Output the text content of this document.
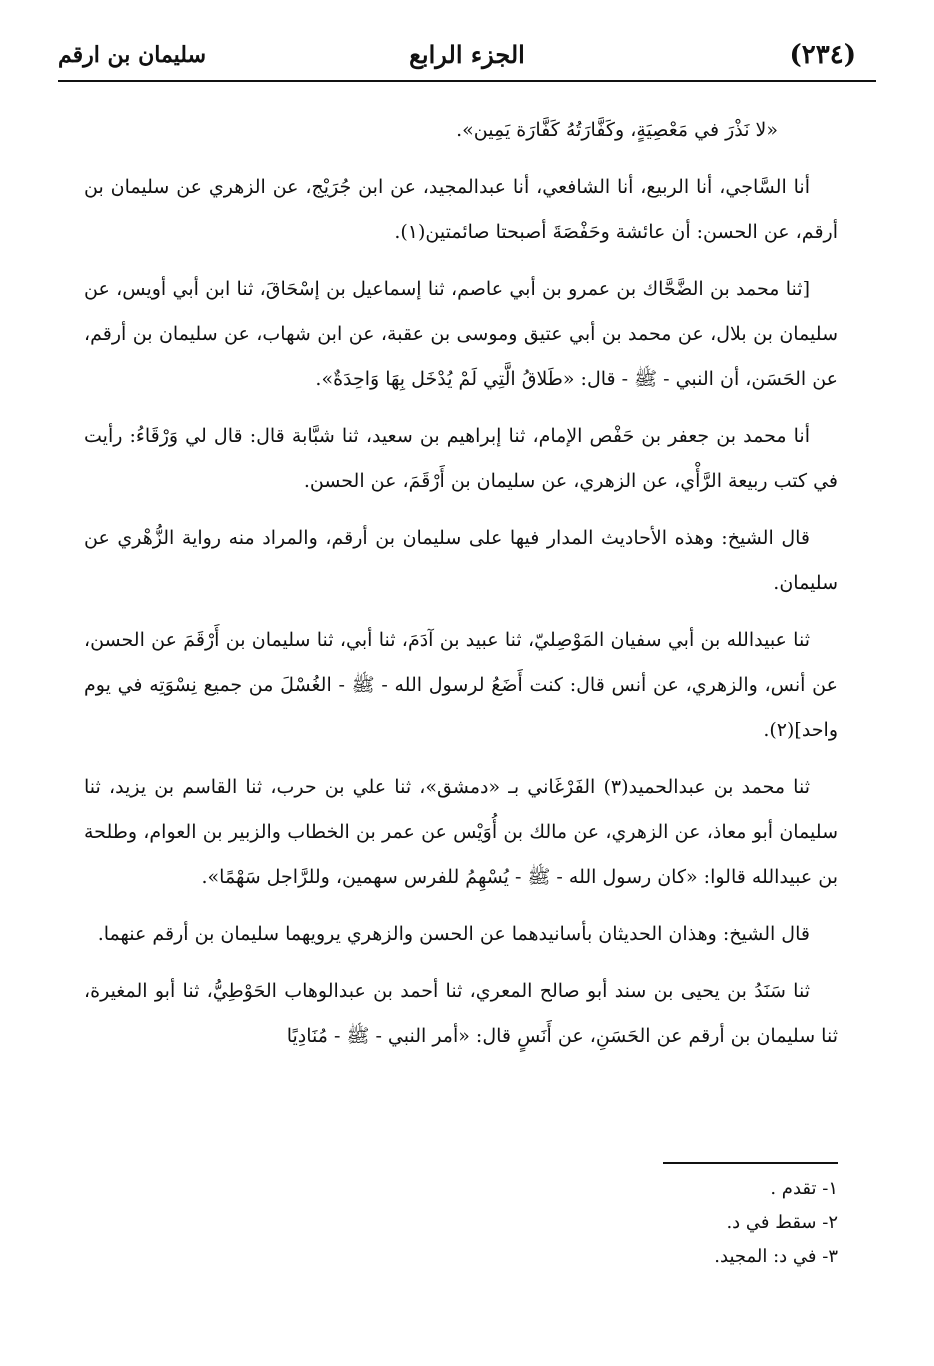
(٢٣٤)
الجزء الرابع
سليمان بن ارقم

«لا نَذْرَ في مَعْصِيَةٍ، وكَفَّارَتُهُ كَفَّارَة يَمِين».

أنا السَّاجي، أنا الربيع، أنا الشافعي، أنا عبدالمجيد، عن ابن جُرَيْج، عن الزهري عن سليمان بن أرقم، عن الحسن: أن عائشة وحَفْصَةَ أصبحتا صائمتين(١).

[ثنا محمد بن الضَّحَّاك بن عمرو بن أبي عاصم، ثنا إسماعيل بن إسْحَاقَ، ثنا ابن أبي أويس، عن سليمان بن بلال، عن محمد بن أبي عتيق وموسى بن عقبة، عن ابن شهاب، عن سليمان بن أرقم، عن الحَسَن، أن النبي - ﷺ - قال: «طَلاقُ الَّتِي لَمْ يُدْخَل بِهَا وَاحِدَةٌ».

أنا محمد بن جعفر بن حَفْص الإمام، ثنا إبراهيم بن سعيد، ثنا شبَّابة قال: قال لي وَرْقَاءُ: رأيت في كتب ربيعة الرَّأْي، عن الزهري، عن سليمان بن أَرْقَمَ، عن الحسن.

قال الشيخ: وهذه الأحاديث المدار فيها على سليمان بن أرقم، والمراد منه رواية الزُّهْري عن سليمان.

ثنا عبيدالله بن أبي سفيان المَوْصِليّ، ثنا عبيد بن آدَمَ، ثنا أبي، ثنا سليمان بن أَرْقَمَ عن الحسن، عن أنس، والزهري، عن أنس قال: كنت أَضَعُ لرسول الله - ﷺ - الغُسْلَ من جميع نِسْوَتِه في يوم واحد](٢).

ثنا محمد بن عبدالحميد(٣) الفَرْغَاني بـ «دمشق»، ثنا علي بن حرب، ثنا القاسم بن يزيد، ثنا سليمان أبو معاذ، عن الزهري، عن مالك بن أُوَيْس عن عمر بن الخطاب والزبير بن العوام، وطلحة بن عبيدالله قالوا: «كان رسول الله - ﷺ - يُسْهِمُ للفرس سهمين، وللرَّاجل سَهْمًا».

قال الشيخ: وهذان الحديثان بأسانيدهما عن الحسن والزهري يرويهما سليمان بن أرقم عنهما.

ثنا سَنَدُ بن يحيى بن سند أبو صالح المعري، ثنا أحمد بن عبدالوهاب الحَوْطِيُّ، ثنا أبو المغيرة، ثنا سليمان بن أرقم عن الحَسَنِ، عن أَنَسٍ قال: «أمر النبي - ﷺ - مُنَادِيًا

١- تقدم .

٢- سقط في د.

٣- في د: المجيد.
